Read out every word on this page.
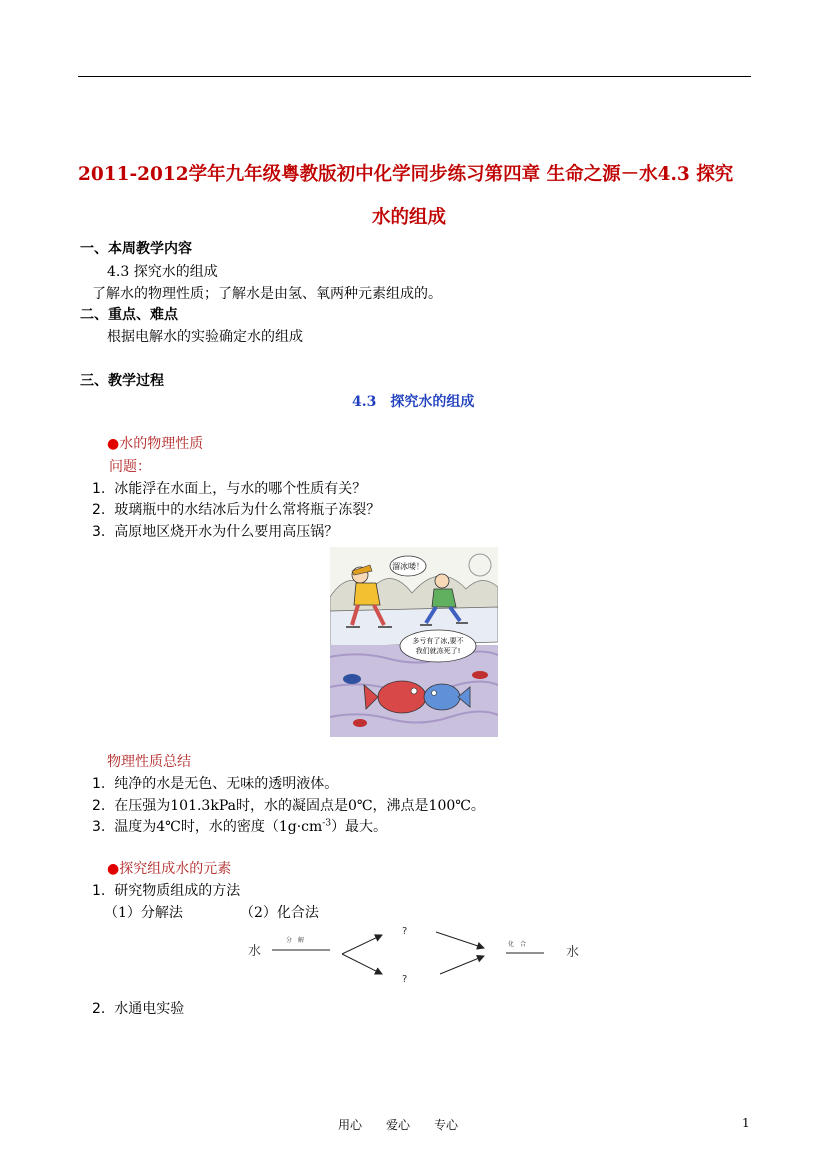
2011-2012学年九年级粤教版初中化学同步练习第四章 生命之源－水4.3 探究
水的组成
一、本周教学内容
4.3 探究水的组成
了解水的物理性质；了解水是由氢、氧两种元素组成的。
二、重点、难点
根据电解水的实验确定水的组成
三、教学过程
4.3　探究水的组成
●水的物理性质
问题：
1. 冰能浮在水面上，与水的哪个性质有关？
2. 玻璃瓶中的水结冰后为什么常将瓶子冻裂？
3. 高原地区烧开水为什么要用高压锅？
溜冰喽！
多亏有了冰,要不
我们就冻死了!
物理性质总结
1. 纯净的水是无色、无味的透明液体。
2. 在压强为101.3kPa时，水的凝固点是0℃，沸点是100℃。
3. 温度为4℃时，水的密度$(1g\cdot cm^{-3})$最大。
●探究组成水的元素
1. 研究物质组成的方法
（1）分解法	（2）化合法
水
分　解
?
?
化　合
水
2. 水通电实验
用心　　爱心　　专心	1
